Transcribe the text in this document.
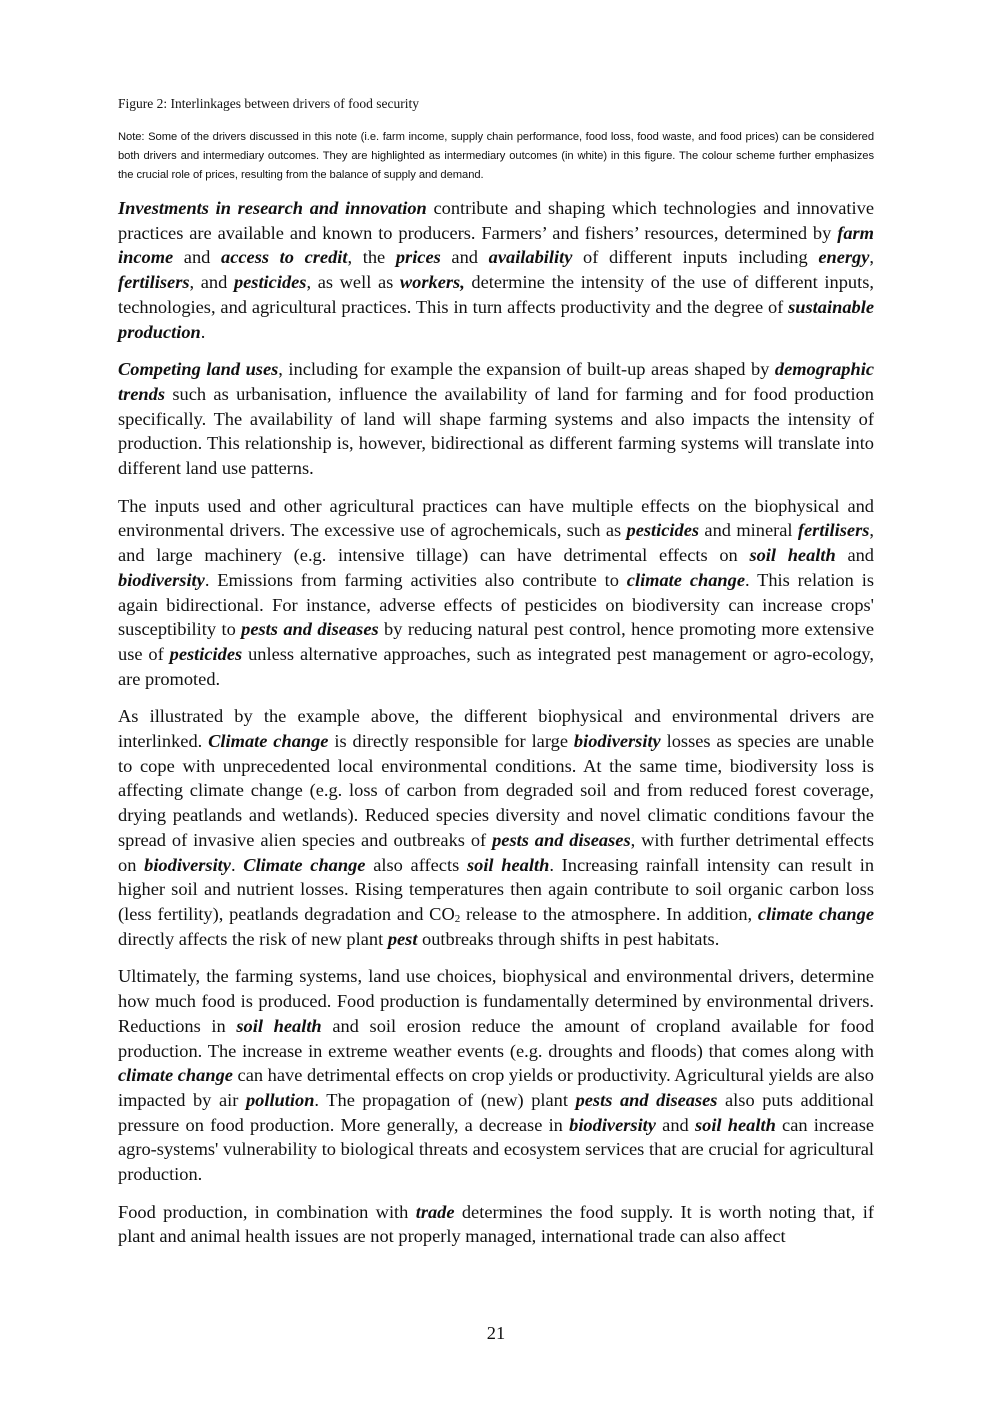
Figure 2: Interlinkages between drivers of food security
Note: Some of the drivers discussed in this note (i.e. farm income, supply chain performance, food loss, food waste, and food prices) can be considered both drivers and intermediary outcomes. They are highlighted as intermediary outcomes (in white) in this figure. The colour scheme further emphasizes the crucial role of prices, resulting from the balance of supply and demand.

Investments in research and innovation contribute and shaping which technologies and innovative practices are available and known to producers. Farmers’ and fishers’ resources, determined by farm income and access to credit, the prices and availability of different inputs including energy, fertilisers, and pesticides, as well as workers, determine the intensity of the use of different inputs, technologies, and agricultural practices. This in turn affects productivity and the degree of sustainable production.

Competing land uses, including for example the expansion of built-up areas shaped by demographic trends such as urbanisation, influence the availability of land for farming and for food production specifically. The availability of land will shape farming systems and also impacts the intensity of production. This relationship is, however, bidirectional as different farming systems will translate into different land use patterns.

The inputs used and other agricultural practices can have multiple effects on the biophysical and environmental drivers. The excessive use of agrochemicals, such as pesticides and mineral fertilisers, and large machinery (e.g. intensive tillage) can have detrimental effects on soil health and biodiversity. Emissions from farming activities also contribute to climate change. This relation is again bidirectional. For instance, adverse effects of pesticides on biodiversity can increase crops' susceptibility to pests and diseases by reducing natural pest control, hence promoting more extensive use of pesticides unless alternative approaches, such as integrated pest management or agro-ecology, are promoted.

As illustrated by the example above, the different biophysical and environmental drivers are interlinked. Climate change is directly responsible for large biodiversity losses as species are unable to cope with unprecedented local environmental conditions. At the same time, biodiversity loss is affecting climate change (e.g. loss of carbon from degraded soil and from reduced forest coverage, drying peatlands and wetlands). Reduced species diversity and novel climatic conditions favour the spread of invasive alien species and outbreaks of pests and diseases, with further detrimental effects on biodiversity. Climate change also affects soil health. Increasing rainfall intensity can result in higher soil and nutrient losses. Rising temperatures then again contribute to soil organic carbon loss (less fertility), peatlands degradation and $CO_2$ release to the atmosphere. In addition, climate change directly affects the risk of new plant pest outbreaks through shifts in pest habitats.

Ultimately, the farming systems, land use choices, biophysical and environmental drivers, determine how much food is produced. Food production is fundamentally determined by environmental drivers. Reductions in soil health and soil erosion reduce the amount of cropland available for food production. The increase in extreme weather events (e.g. droughts and floods) that comes along with climate change can have detrimental effects on crop yields or productivity. Agricultural yields are also impacted by air pollution. The propagation of (new) plant pests and diseases also puts additional pressure on food production. More generally, a decrease in biodiversity and soil health can increase agro-systems' vulnerability to biological threats and ecosystem services that are crucial for agricultural production.

Food production, in combination with trade determines the food supply. It is worth noting that, if plant and animal health issues are not properly managed, international trade can also affect

21
